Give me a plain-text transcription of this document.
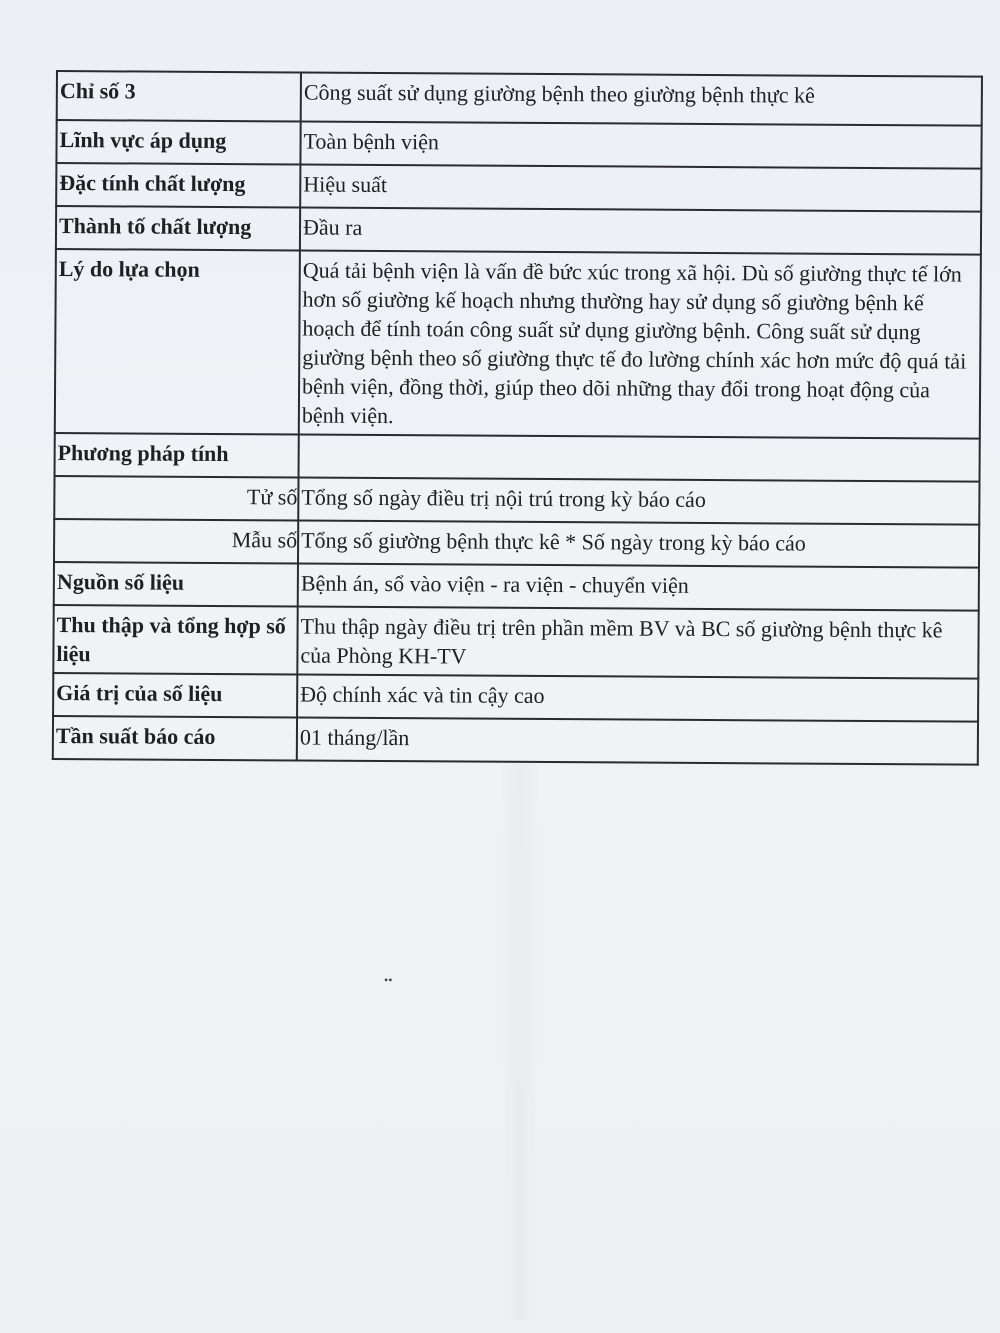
Chỉ số 3	Công suất sử dụng giường bệnh theo giường bệnh thực kê
Lĩnh vực áp dụng	Toàn bệnh viện
Đặc tính chất lượng	Hiệu suất
Thành tố chất lượng	Đầu ra
Lý do lựa chọn	Quá tải bệnh viện là vấn đề bức xúc trong xã hội. Dù số giường thực tế lớn hơn số giường kế hoạch nhưng thường hay sử dụng số giường bệnh kế hoạch để tính toán công suất sử dụng giường bệnh. Công suất sử dụng giường bệnh theo số giường thực tế đo lường chính xác hơn mức độ quá tải bệnh viện, đồng thời, giúp theo dõi những thay đổi trong hoạt động của bệnh viện.
Phương pháp tính	
Tử số	Tổng số ngày điều trị nội trú trong kỳ báo cáo
Mẫu số	Tổng số giường bệnh thực kê * Số ngày trong kỳ báo cáo
Nguồn số liệu	Bệnh án, sổ vào viện - ra viện - chuyển viện
Thu thập và tổng hợp số liệu	Thu thập ngày điều trị trên phần mềm BV và BC số giường bệnh thực kê của Phòng KH-TV
Giá trị của số liệu	Độ chính xác và tin cậy cao
Tần suất báo cáo	01 tháng/lần
••
